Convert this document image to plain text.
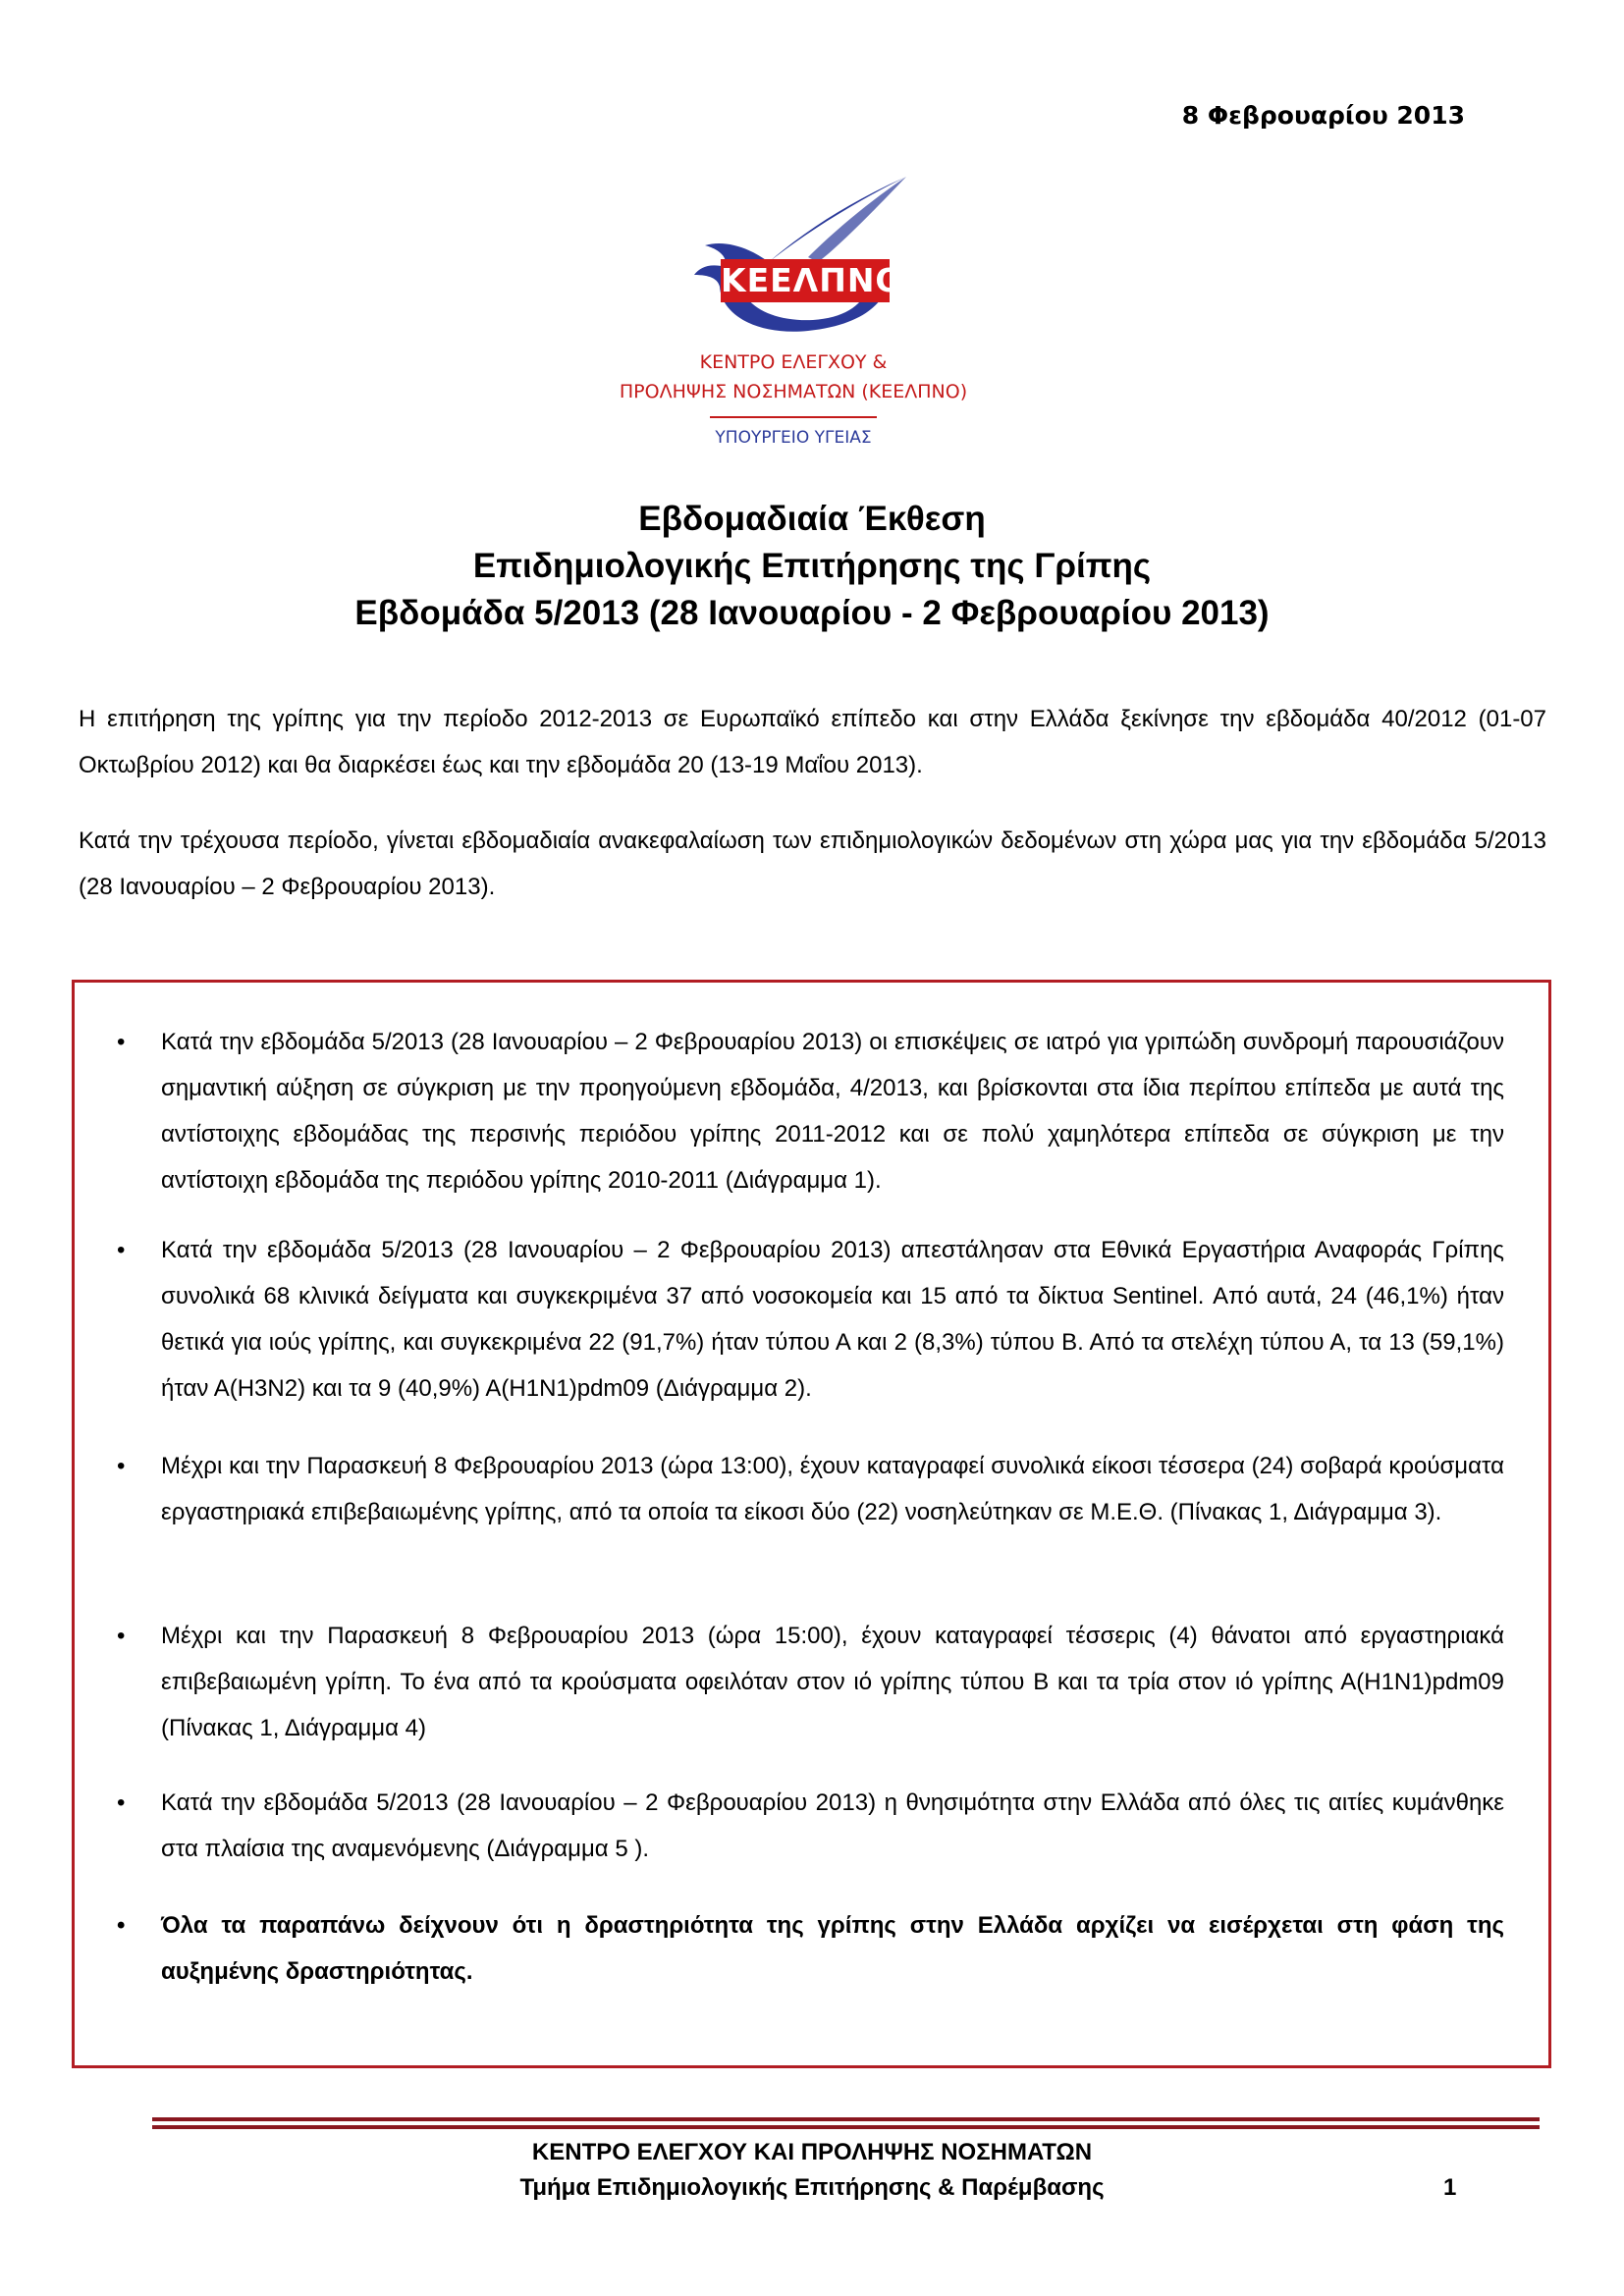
8 Φεβρουαρίου 2013
ΚΕΕΛΠΝΟ
ΚΕΝΤΡΟ ΕΛΕΓΧΟΥ &
ΠΡΟΛΗΨΗΣ ΝΟΣΗΜΑΤΩΝ (ΚΕΕΛΠΝΟ)
ΥΠΟΥΡΓΕΙΟ ΥΓΕΙΑΣ
Εβδομαδιαία Έκθεση
Επιδημιολογικής Επιτήρησης της Γρίπης
Εβδομάδα 5/2013 (28 Ιανουαρίου - 2 Φεβρουαρίου 2013)

Η επιτήρηση της γρίπης για την περίοδο 2012-2013 σε Ευρωπαϊκό επίπεδο και στην Ελλάδα ξεκίνησε την εβδομάδα 40/2012 (01-07 Οκτωβρίου 2012) και θα διαρκέσει έως και την εβδομάδα 20 (13-19 Μαΐου 2013).

Κατά την τρέχουσα περίοδο, γίνεται εβδομαδιαία ανακεφαλαίωση των επιδημιολογικών δεδομένων στη χώρα μας για την εβδομάδα 5/2013 (28 Ιανουαρίου – 2 Φεβρουαρίου 2013).

•	Κατά την εβδομάδα 5/2013 (28 Ιανουαρίου – 2 Φεβρουαρίου 2013) οι επισκέψεις σε ιατρό για γριπώδη συνδρομή παρουσιάζουν σημαντική αύξηση σε σύγκριση με την προηγούμενη εβδομάδα, 4/2013, και βρίσκονται στα ίδια περίπου επίπεδα με αυτά της αντίστοιχης εβδομάδας της περσινής περιόδου γρίπης 2011-2012 και σε πολύ χαμηλότερα επίπεδα σε σύγκριση με την αντίστοιχη εβδομάδα της περιόδου γρίπης 2010-2011 (Διάγραμμα 1).
•	Κατά την εβδομάδα 5/2013 (28 Ιανουαρίου – 2 Φεβρουαρίου 2013) απεστάλησαν στα Εθνικά Εργαστήρια Αναφοράς Γρίπης συνολικά 68 κλινικά δείγματα και συγκεκριμένα 37 από νοσοκομεία και 15 από τα δίκτυα Sentinel. Από αυτά, 24 (46,1%) ήταν θετικά για ιούς γρίπης, και συγκεκριμένα 22 (91,7%) ήταν τύπου Α και 2 (8,3%) τύπου Β. Από τα στελέχη τύπου Α, τα 13 (59,1%) ήταν Α(Η3Ν2) και τα 9 (40,9%) Α(Η1Ν1)pdm09 (Διάγραμμα 2).
•	Μέχρι και την Παρασκευή 8 Φεβρουαρίου 2013 (ώρα 13:00), έχουν καταγραφεί συνολικά είκοσι τέσσερα (24) σοβαρά κρούσματα εργαστηριακά επιβεβαιωμένης γρίπης, από τα οποία τα είκοσι δύο (22) νοσηλεύτηκαν σε Μ.Ε.Θ. (Πίνακας 1, Διάγραμμα 3).
•	Μέχρι και την Παρασκευή 8 Φεβρουαρίου 2013 (ώρα 15:00), έχουν καταγραφεί τέσσερις (4) θάνατοι από εργαστηριακά επιβεβαιωμένη γρίπη. Το ένα από τα κρούσματα οφειλόταν στον ιό γρίπης τύπου Β και τα τρία στον ιό γρίπης Α(Η1Ν1)pdm09 (Πίνακας 1, Διάγραμμα 4)
•	Κατά την εβδομάδα 5/2013 (28 Ιανουαρίου – 2 Φεβρουαρίου 2013) η θνησιμότητα στην Ελλάδα από όλες τις αιτίες κυμάνθηκε στα πλαίσια της αναμενόμενης (Διάγραμμα 5 ).
•	Όλα τα παραπάνω δείχνουν ότι η δραστηριότητα της γρίπης στην Ελλάδα αρχίζει να εισέρχεται στη φάση της αυξημένης δραστηριότητας.
ΚΕΝΤΡΟ ΕΛΕΓΧΟΥ ΚΑΙ ΠΡΟΛΗΨΗΣ ΝΟΣΗΜΑΤΩΝ
Τμήμα Επιδημιολογικής Επιτήρησης & Παρέμβασης	1
